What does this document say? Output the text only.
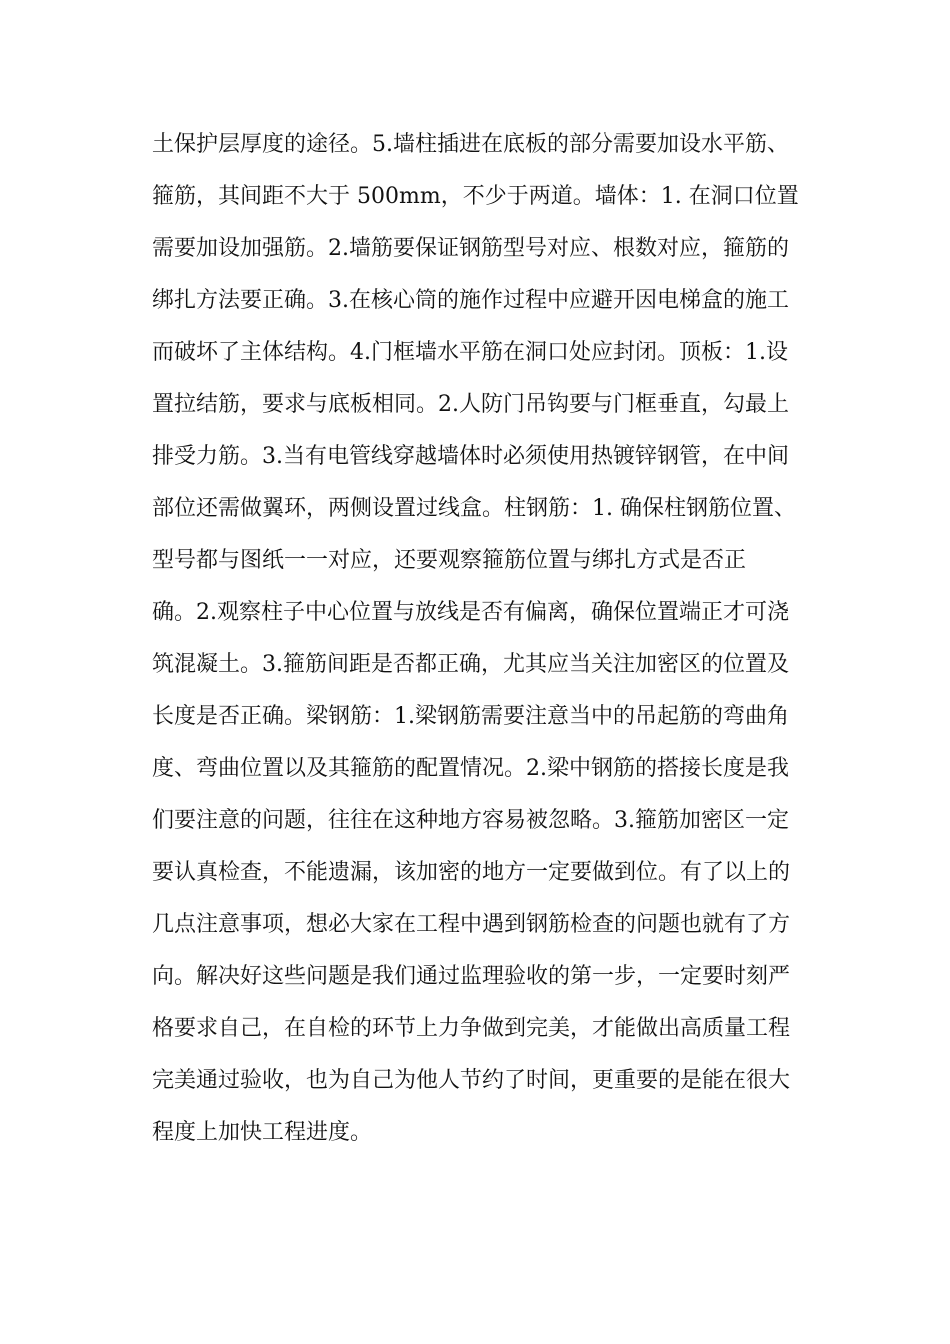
土保护层厚度的途径。5.墙柱插进在底板的部分需要加设水平筋、
箍筋，其间距不大于 500mm，不少于两道。墙体：1. 在洞口位置
需要加设加强筋。2.墙筋要保证钢筋型号对应、根数对应，箍筋的
绑扎方法要正确。3.在核心筒的施作过程中应避开因电梯盒的施工
而破坏了主体结构。4.门框墙水平筋在洞口处应封闭。顶板：1.设
置拉结筋，要求与底板相同。2.人防门吊钩要与门框垂直，勾最上
排受力筋。3.当有电管线穿越墙体时必须使用热镀锌钢管，在中间
部位还需做翼环，两侧设置过线盒。柱钢筋：1. 确保柱钢筋位置、
型号都与图纸一一对应，还要观察箍筋位置与绑扎方式是否正
确。2.观察柱子中心位置与放线是否有偏离，确保位置端正才可浇
筑混凝土。3.箍筋间距是否都正确，尤其应当关注加密区的位置及
长度是否正确。梁钢筋：1.梁钢筋需要注意当中的吊起筋的弯曲角
度、弯曲位置以及其箍筋的配置情况。2.梁中钢筋的搭接长度是我
们要注意的问题，往往在这种地方容易被忽略。3.箍筋加密区一定
要认真检查，不能遗漏，该加密的地方一定要做到位。有了以上的
几点注意事项，想必大家在工程中遇到钢筋检查的问题也就有了方
向。解决好这些问题是我们通过监理验收的第一步，一定要时刻严
格要求自己，在自检的环节上力争做到完美，才能做出高质量工程
完美通过验收，也为自己为他人节约了时间，更重要的是能在很大
程度上加快工程进度。
